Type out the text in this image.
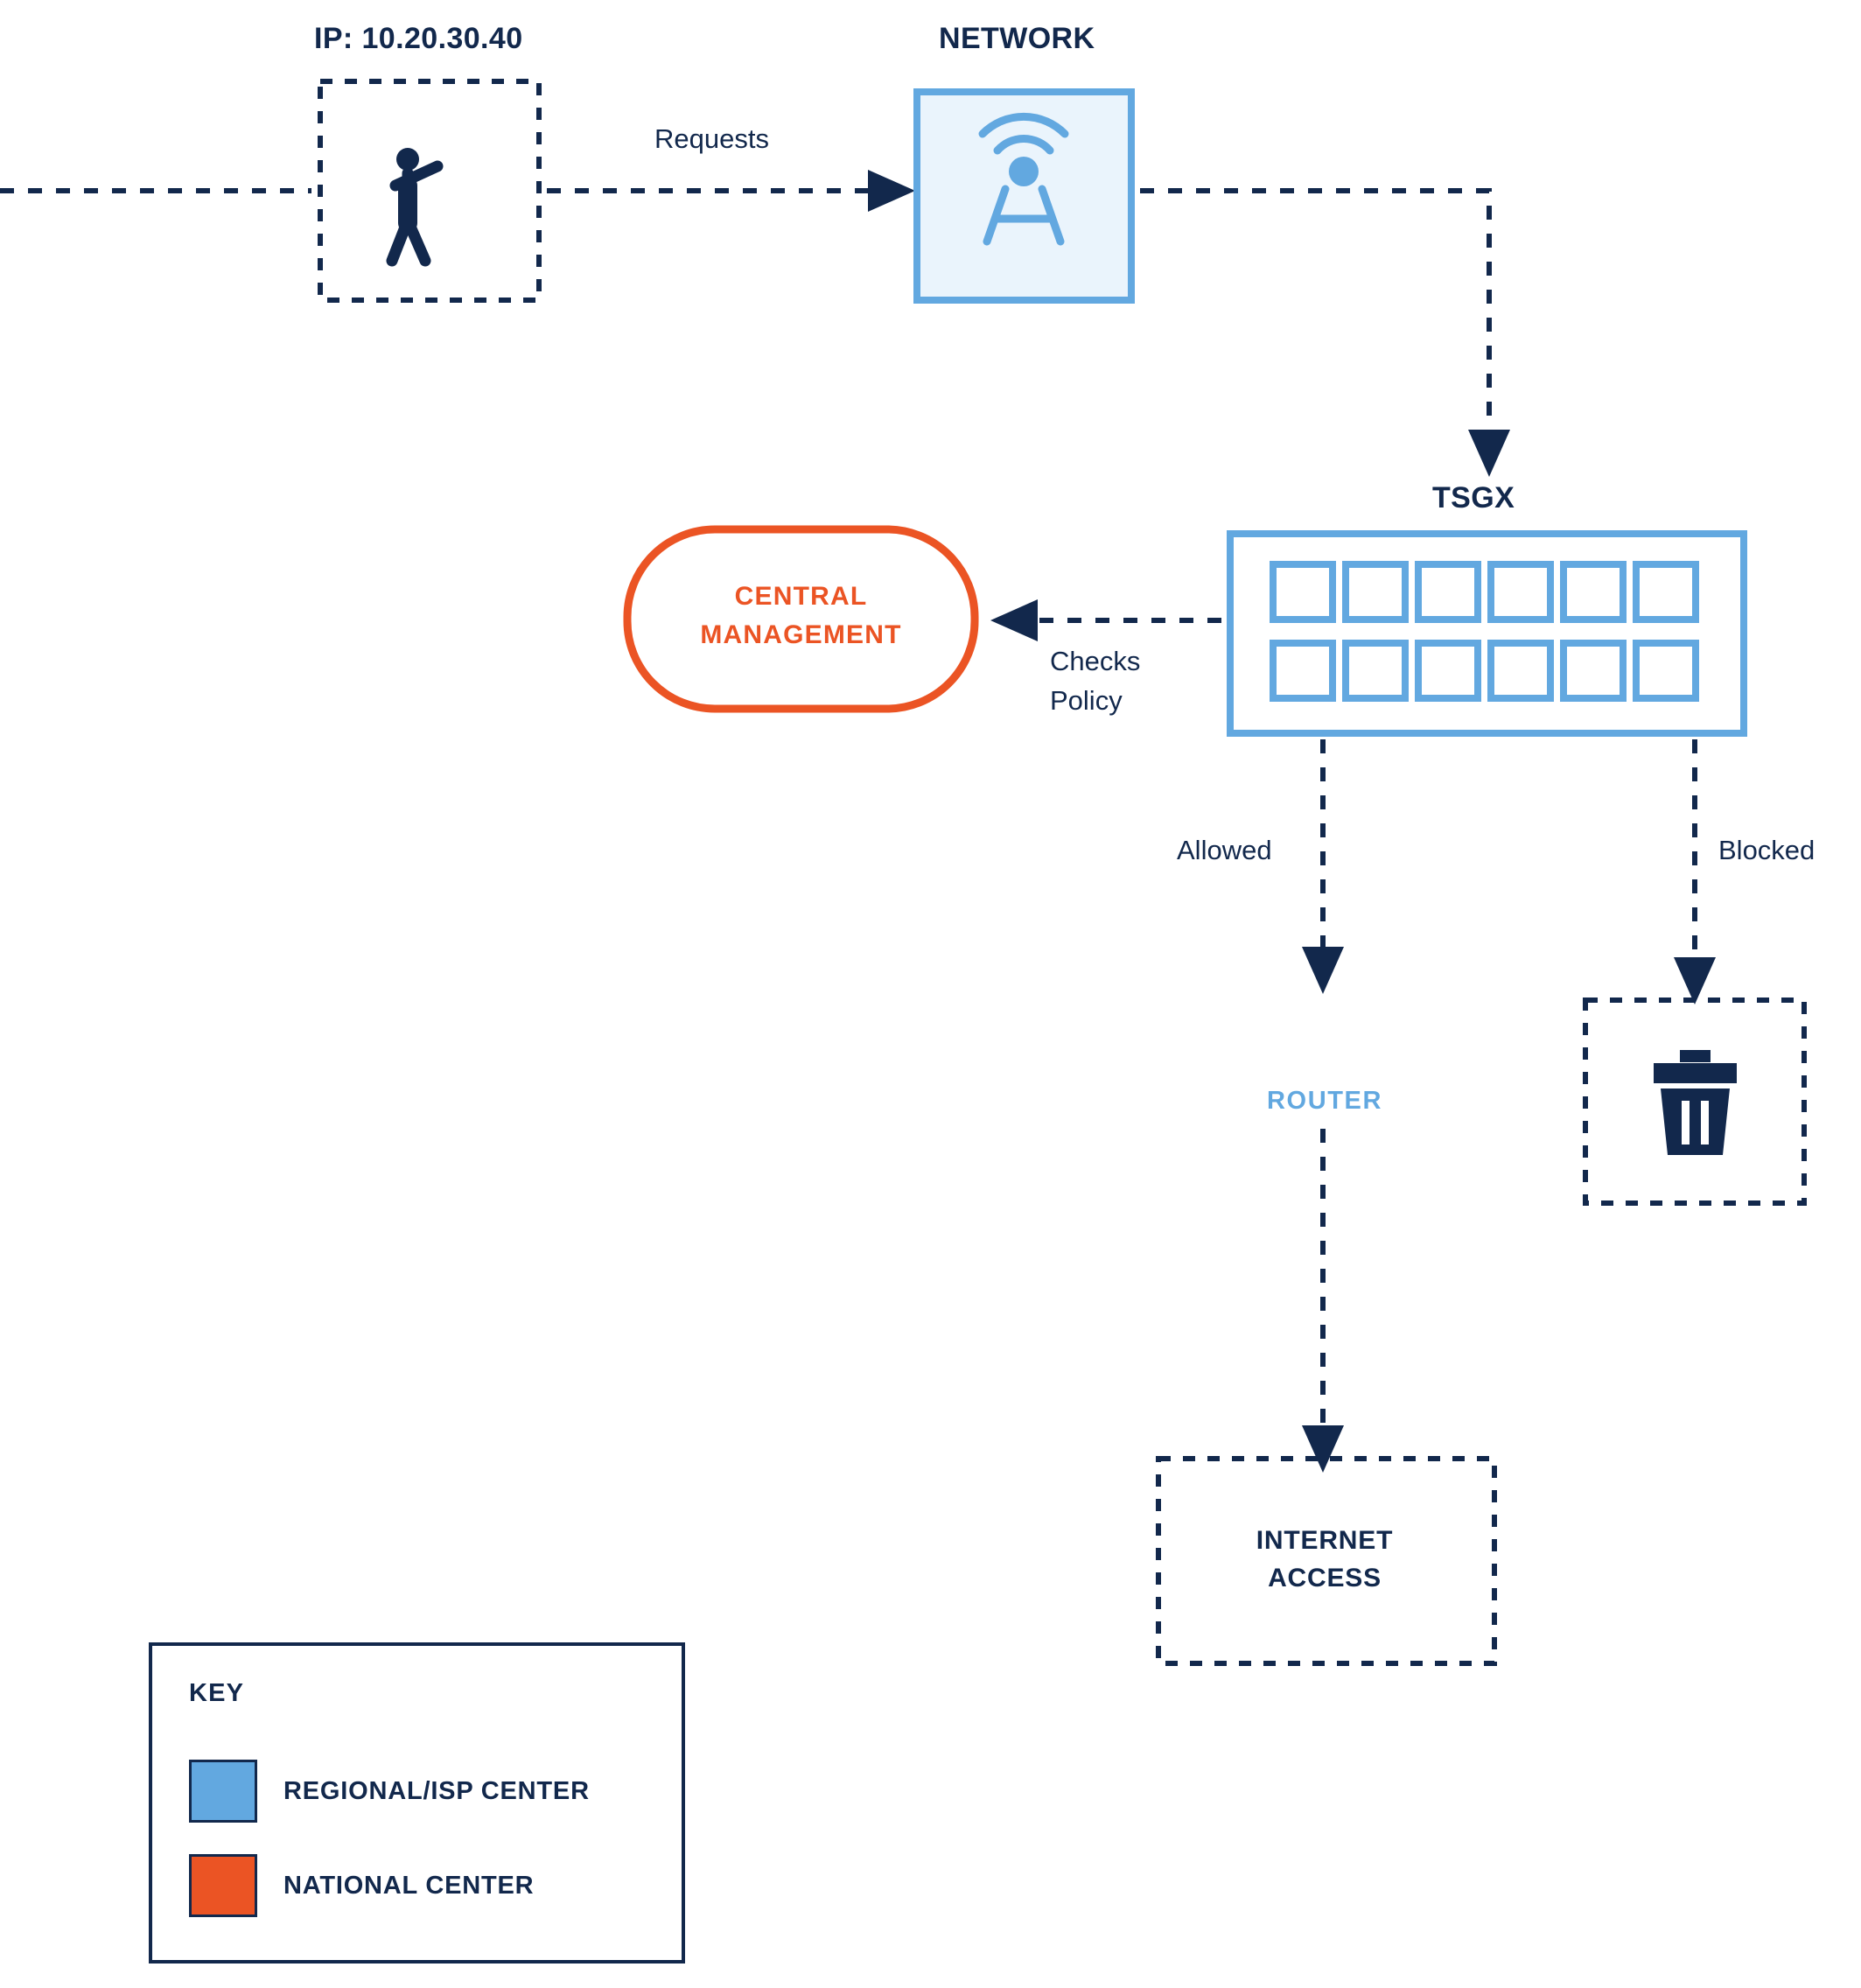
IP: 10.20.30.40	NETWORK
Requests
TSGX
CENTRAL
MANAGEMENT
Checks
Policy
Allowed	Blocked
ROUTER
INTERNET
ACCESS
KEY
REGIONAL/ISP CENTER
NATIONAL CENTER
